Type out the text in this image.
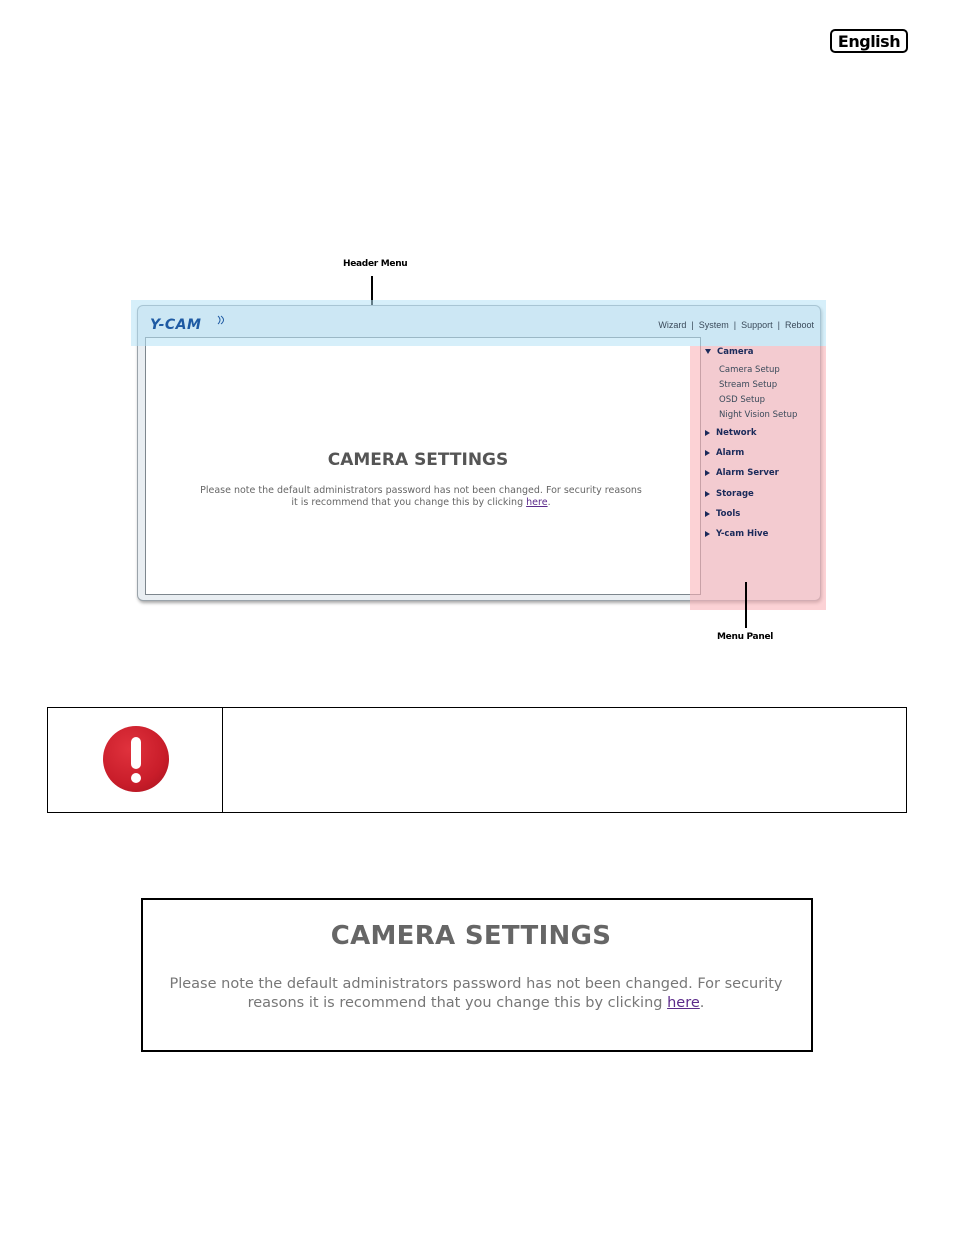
English
Header Menu
Y-CAM	Wizard | System | Support | Reboot
CAMERA SETTINGS
Please note the default administrators password has not been changed. For security reasons it is recommend that you change this by clicking here.
Camera
Camera Setup
Stream Setup
OSD Setup
Night Vision Setup
Network
Alarm
Alarm Server
Storage
Tools
Y-cam Hive
Menu Panel
CAMERA SETTINGS
Please note the default administrators password has not been changed. For security
reasons it is recommend that you change this by clicking here.
